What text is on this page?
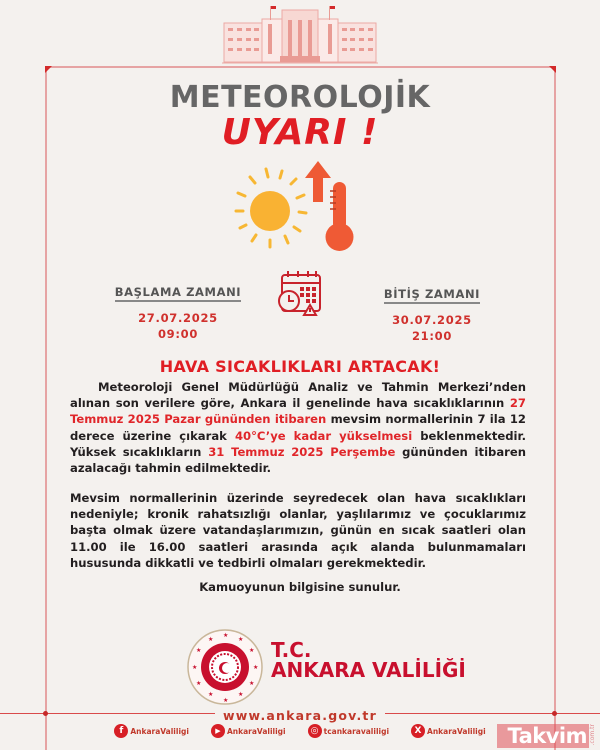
METEOROLOJİK
UYARI !
BAŞLAMA ZAMANI
27.07.2025
09:00
BİTİŞ ZAMANI
30.07.2025
21:00
HAVA SICAKLIKLARI ARTACAK!
Meteoroloji Genel Müdürlüğü Analiz ve Tahmin Merkezi’nden alınan son verilere göre, Ankara il genelinde hava sıcaklıklarının 27 Temmuz 2025 Pazar gününden itibaren mevsim normallerinin 7 ila 12 derece üzerine çıkarak 40°C’ye kadar yükselmesi beklenmektedir. Yüksek sıcaklıkların 31 Temmuz 2025 Perşembe gününden itibaren azalacağı tahmin edilmektedir.
Mevsim normallerinin üzerinde seyredecek olan hava sıcaklıkları nedeniyle; kronik rahatsızlığı olanlar, yaşlılarımız ve çocuklarımız başta olmak üzere vatandaşlarımızın, günün en sıcak saatleri olan 11.00 ile 16.00 saatleri arasında açık alanda bulunmamaları hususunda dikkatli ve tedbirli olmaları gerekmektedir.
Kamuoyunun bilgisine sunulur.
★
★
★
★
★
★
★
★
★
★
★
★	T.C.
ANKARA VALİLİĞİ
www.ankara.gov.tr
f AnkaraValiligi	▶ AnkaraValiligi	◎ tcankaravaliligi	X AnkaraValiligi	Takvim .com.tr
